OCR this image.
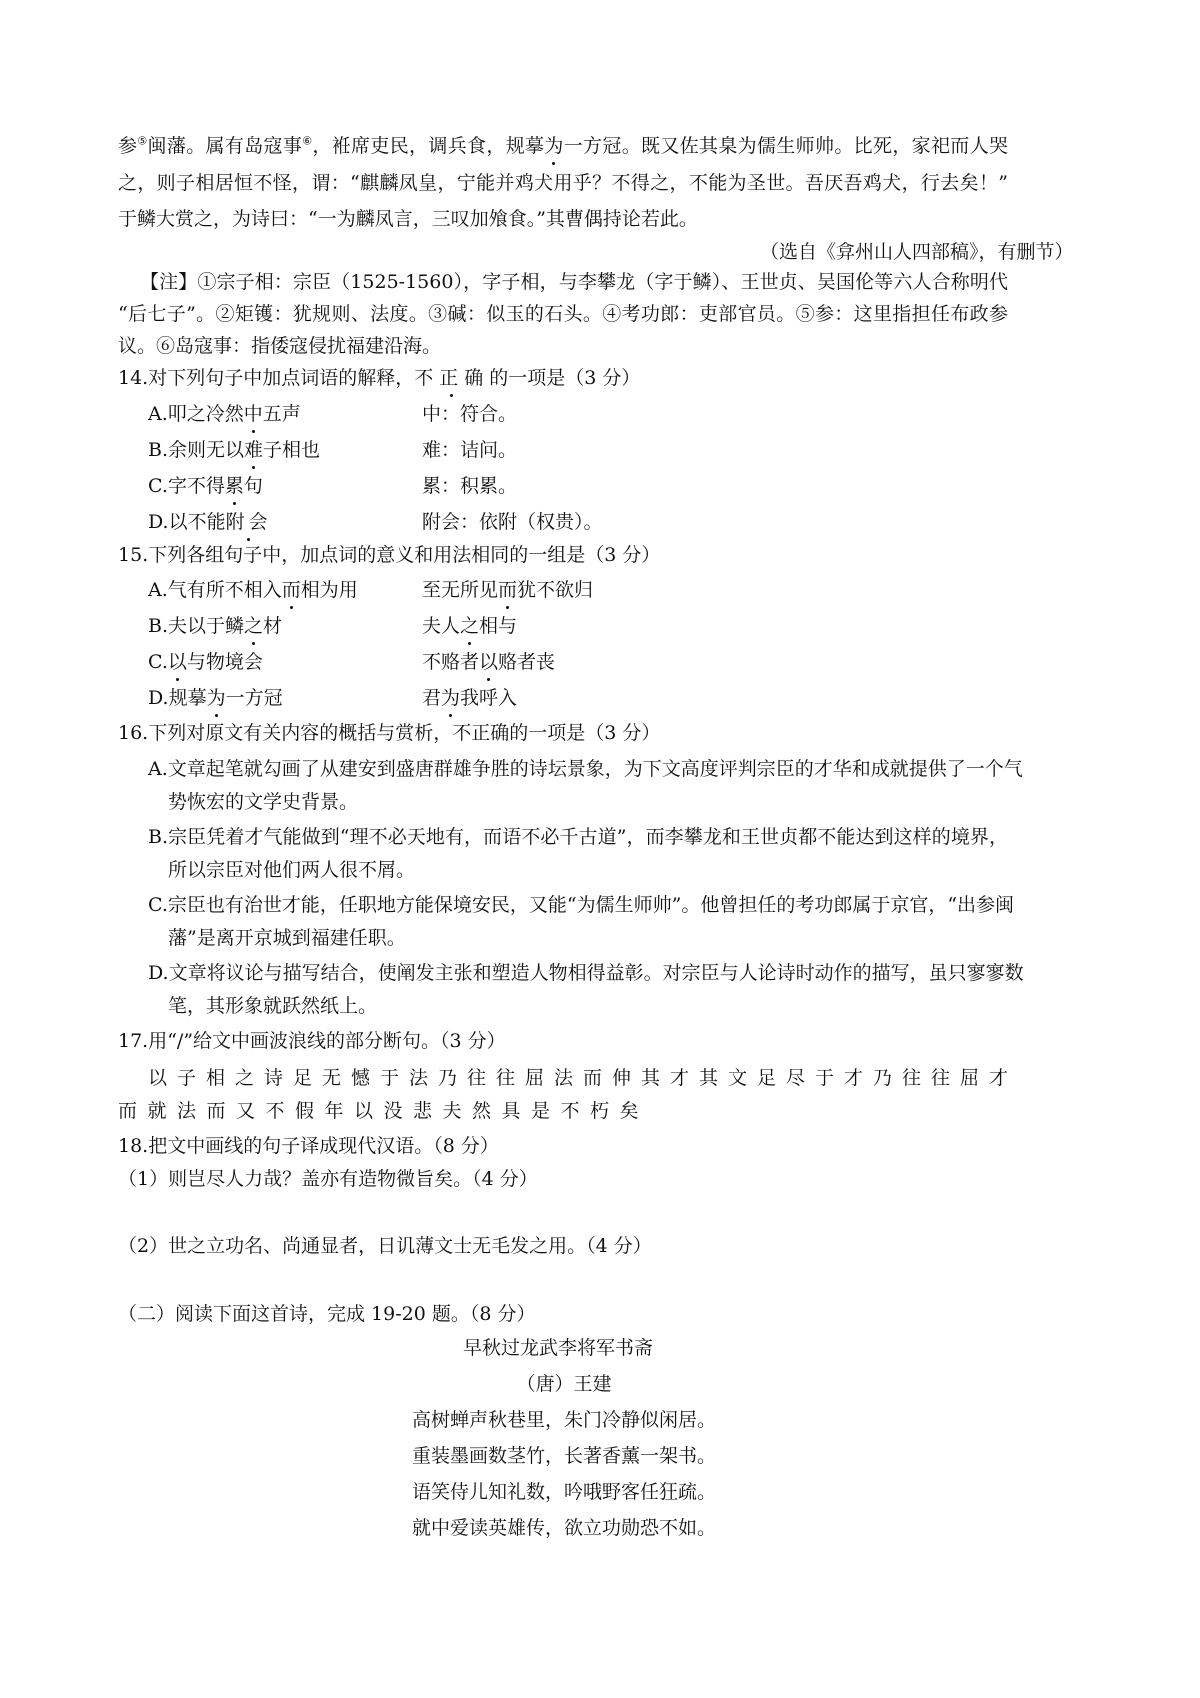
参⑤闽藩。属有岛寇事⑥，袵席吏民，调兵食，规摹为一方冠。既又佐其臬为儒生师帅。比死，家祀而人哭
之，则子相居恒不怪，谓：“麒麟凤皇，宁能并鸡犬用乎？不得之，不能为圣世。吾厌吾鸡犬，行去矣！”
于鳞大赏之，为诗曰：“一为麟凤言，三叹加飧食。”其曹偶持论若此。
（选自《弇州山人四部稿》，有删节）
【注】①宗子相：宗臣（1525-1560），字子相，与李攀龙（字于鳞）、王世贞、吴国伦等六人合称明代
“后七子”。②矩镬：犹规则、法度。③碱：似玉的石头。④考功郎：吏部官员。⑤参：这里指担任布政参
议。⑥岛寇事：指倭寇侵扰福建沿海。
14.对下列句子中加点词语的解释，不正确的一项是（3 分）
A.叩之冷然中五声	中：符合。
B.余则无以难子相也	难：诘问。
C.字不得累句	累：积累。
D.以不能附会	附会：依附（权贵）。
15.下列各组句子中，加点词的意义和用法相同的一组是（3 分）
A.气有所不相入而相为用	至无所见而犹不欲归
B.夫以于鳞之材	夫人之相与
C.以与物境会	不赂者以赂者丧
D.规摹为一方冠	君为我呼入
16.下列对原文有关内容的概括与赏析，不正确的一项是（3 分）
A.文章起笔就勾画了从建安到盛唐群雄争胜的诗坛景象，为下文高度评判宗臣的才华和成就提供了一个气
势恢宏的文学史背景。
B.宗臣凭着才气能做到“理不必天地有，而语不必千古道”，而李攀龙和王世贞都不能达到这样的境界，
所以宗臣对他们两人很不屑。
C.宗臣也有治世才能，任职地方能保境安民，又能“为儒生师帅”。他曾担任的考功郎属于京官，“出参闽
藩”是离开京城到福建任职。
D.文章将议论与描写结合，使阐发主张和塑造人物相得益彰。对宗臣与人论诗时动作的描写，虽只寥寥数
笔，其形象就跃然纸上。
17.用“/”给文中画波浪线的部分断句。（3 分）
以子相之诗足无憾于法乃往往屈法而伸其才其文足尽于才乃往往屈才
而就法而又不假年以没悲夫然具是不朽矣
18.把文中画线的句子译成现代汉语。（8 分）
（1）则岂尽人力哉？盖亦有造物微旨矣。（4 分）
（2）世之立功名、尚通显者，日讥薄文士无毛发之用。（4 分）
（二）阅读下面这首诗，完成 19-20 题。（8 分）
早秋过龙武李将军书斋
（唐）王建
高树蝉声秋巷里，朱门冷静似闲居。
重装墨画数茎竹，长著香薰一架书。
语笑侍儿知礼数，吟哦野客任狂疏。
就中爱读英雄传，欲立功勋恐不如。
